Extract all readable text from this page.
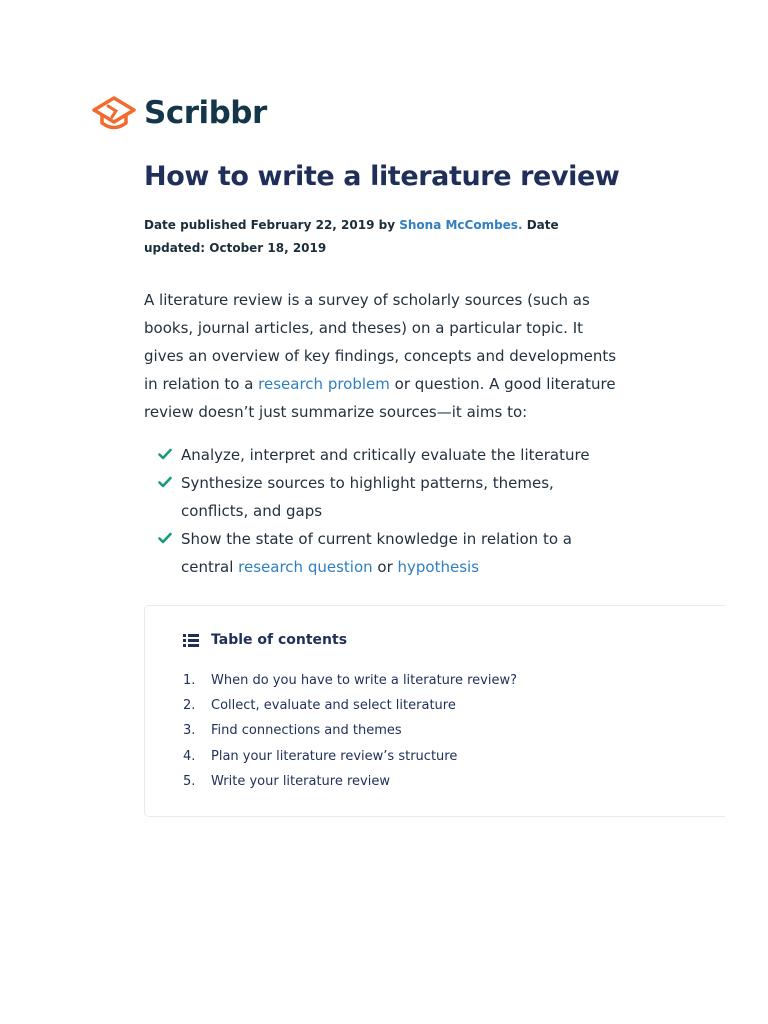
Scribbr
How to write a literature review
Date published February 22, 2019 by Shona McCombes. Date updated: October 18, 2019

A literature review is a survey of scholarly sources (such as books, journal articles, and theses) on a particular topic. It gives an overview of key findings, concepts and developments in relation to a research problem or question. A good literature review doesn’t just summarize sources—it aims to:

Analyze, interpret and critically evaluate the literature
Synthesize sources to highlight patterns, themes, conflicts, and gaps
Show the state of current knowledge in relation to a central research question or hypothesis
Table of contents
1.	When do you have to write a literature review?
2.	Collect, evaluate and select literature
3.	Find connections and themes
4.	Plan your literature review’s structure
5.	Write your literature review
